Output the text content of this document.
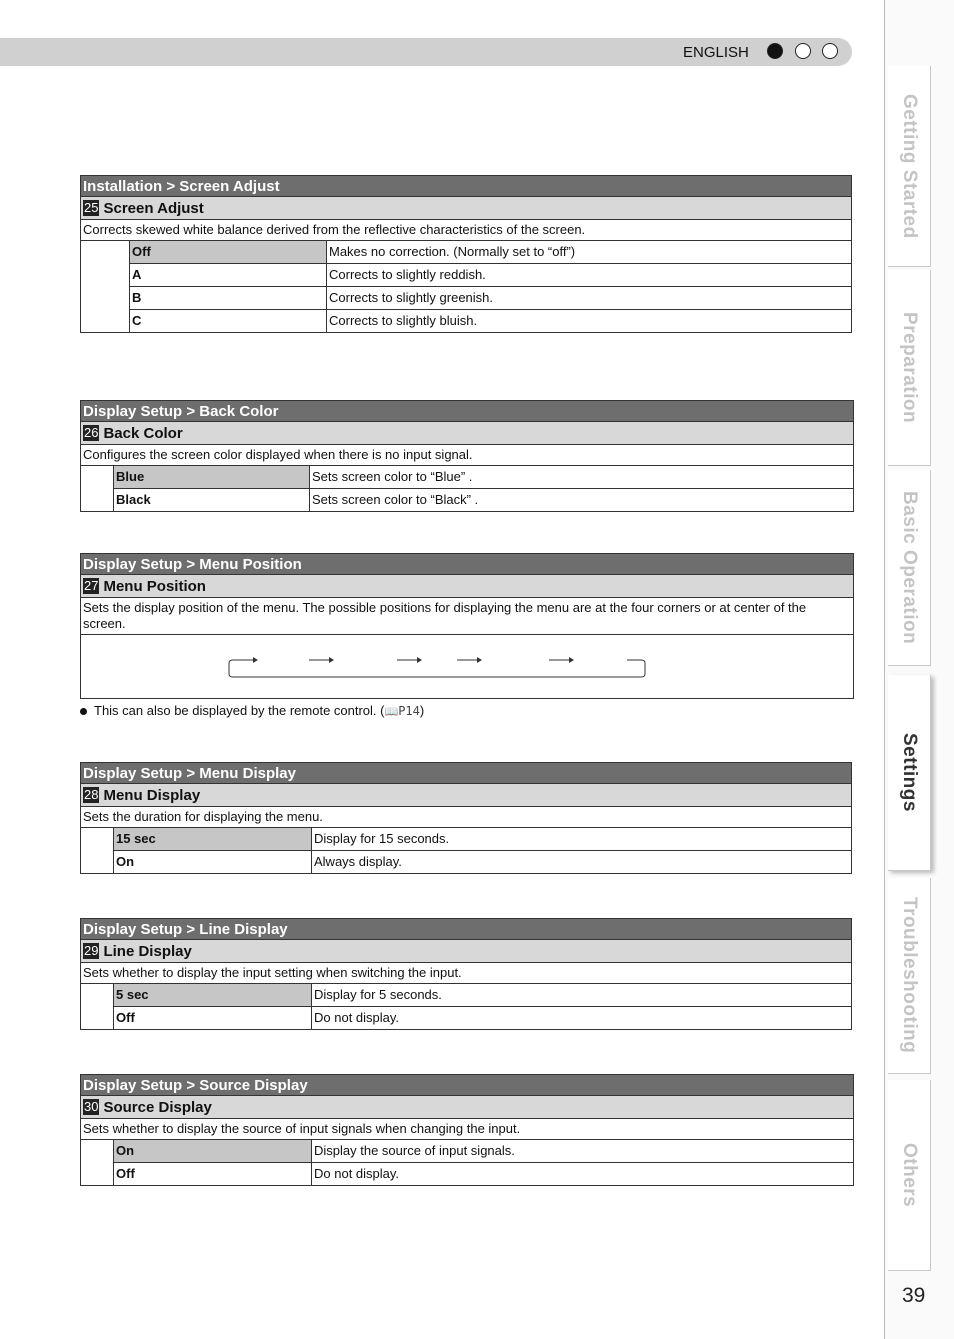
ENGLISH
Getting Started
Preparation
Basic Operation
Settings
Troubleshooting
Others
39
Installation > Screen Adjust
25 Screen Adjust
Corrects skewed white balance derived from the reflective characteristics of the screen.
Off	Makes no correction. (Normally set to “off”)
A	Corrects to slightly reddish.
B	Corrects to slightly greenish.
C	Corrects to slightly bluish.
Display Setup > Back Color
26 Back Color
Configures the screen color displayed when there is no input signal.
Blue	Sets screen color to “Blue” .
Black	Sets screen color to “Black” .
Display Setup > Menu Position
27 Menu Position
Sets the display position of the menu. The possible positions for displaying the menu are at the four corners or at center of the screen.
This can also be displayed by the remote control. (📖P14)
Display Setup > Menu Display
28 Menu Display
Sets the duration for displaying the menu.
15 sec	Display for 15 seconds.
On	Always display.
Display Setup > Line Display
29 Line Display
Sets whether to display the input setting when switching the input.
5 sec	Display for 5 seconds.
Off	Do not display.
Display Setup > Source Display
30 Source Display
Sets whether to display the source of input signals when changing the input.
On	Display the source of input signals.
Off	Do not display.
